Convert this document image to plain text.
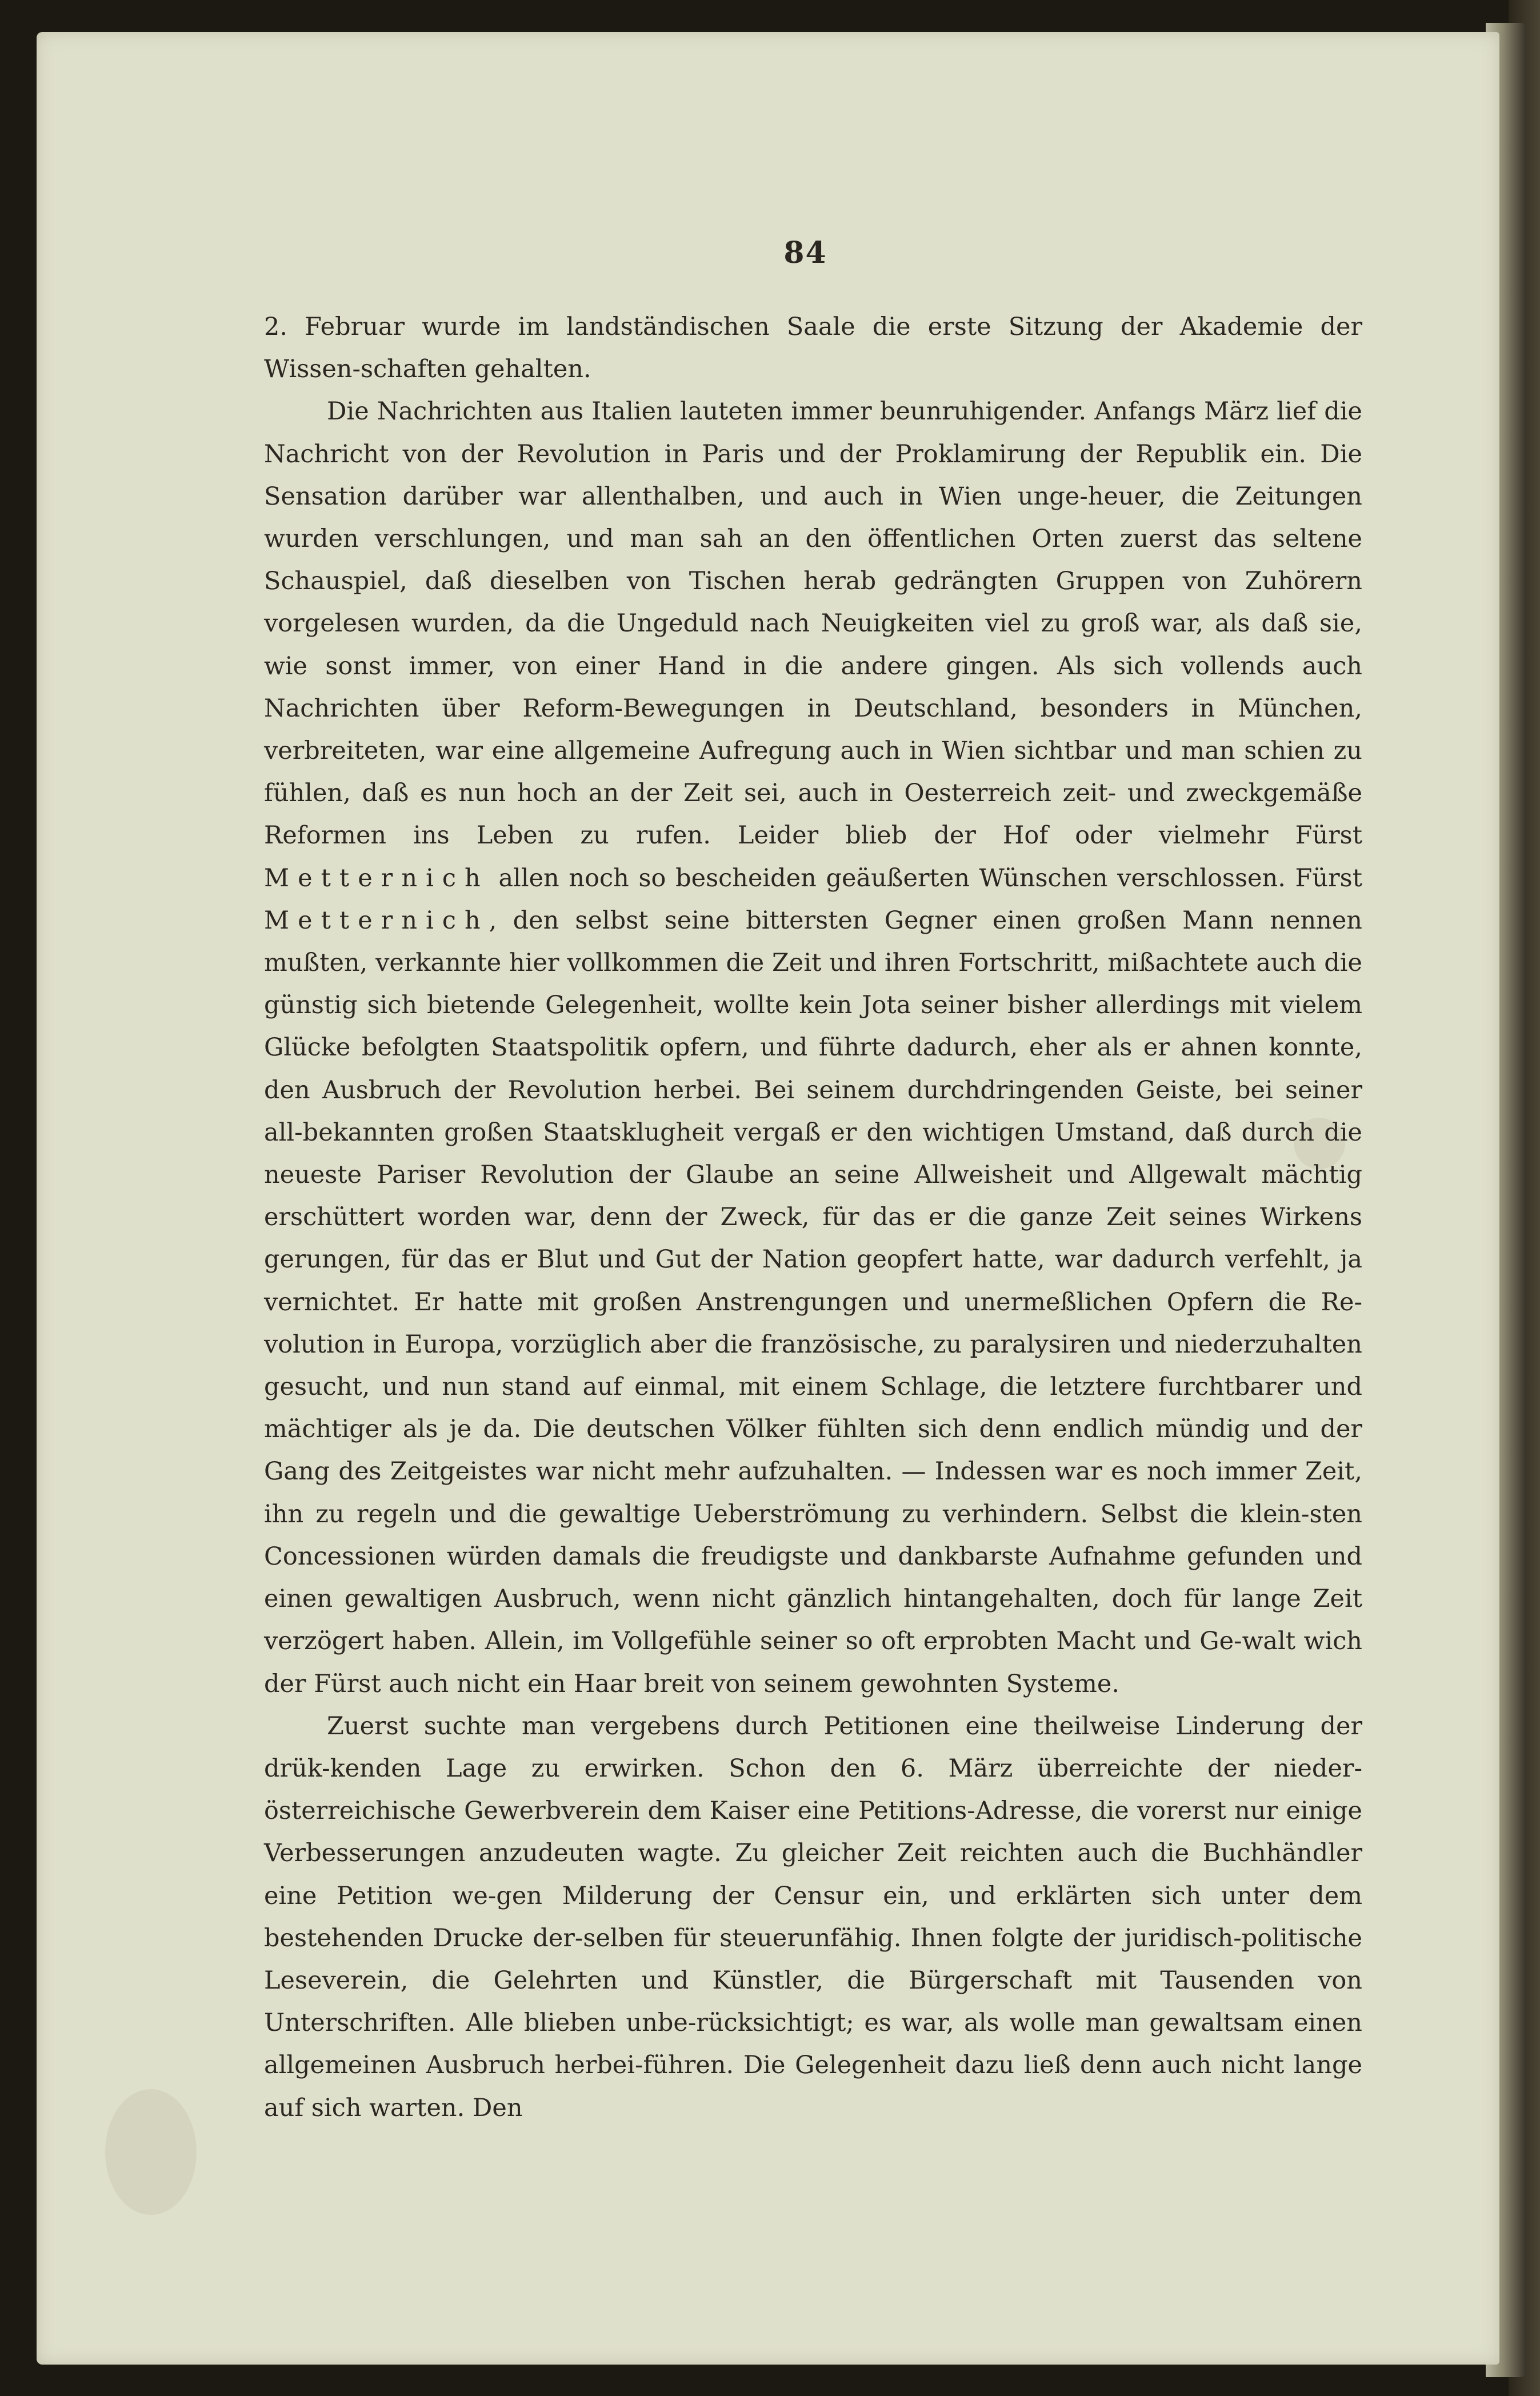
84

2. Februar wurde im landständischen Saale die erste Sitzung der Akademie der Wissen-schaften gehalten.

Die Nachrichten aus Italien lauteten immer beunruhigender. Anfangs März lief die Nachricht von der Revolution in Paris und der Proklamirung der Republik ein. Die Sensation darüber war allenthalben, und auch in Wien unge-heuer, die Zeitungen wurden verschlungen, und man sah an den öffentlichen Orten zuerst das seltene Schauspiel, daß dieselben von Tischen herab gedrängten Gruppen von Zuhörern vorgelesen wurden, da die Ungeduld nach Neuigkeiten viel zu groß war, als daß sie, wie sonst immer, von einer Hand in die andere gingen. Als sich vollends auch Nachrichten über Reform-Bewegungen in Deutschland, besonders in München, verbreiteten, war eine allgemeine Aufregung auch in Wien sichtbar und man schien zu fühlen, daß es nun hoch an der Zeit sei, auch in Oesterreich zeit- und zweckgemäße Reformen ins Leben zu rufen. Leider blieb der Hof oder vielmehr Fürst Metternich allen noch so bescheiden geäußerten Wünschen verschlossen. Fürst Metternich, den selbst seine bittersten Gegner einen großen Mann nennen mußten, verkannte hier vollkommen die Zeit und ihren Fortschritt, mißachtete auch die günstig sich bietende Gelegenheit, wollte kein Jota seiner bisher allerdings mit vielem Glücke befolgten Staatspolitik opfern, und führte dadurch, eher als er ahnen konnte, den Ausbruch der Revolution herbei. Bei seinem durchdringenden Geiste, bei seiner all-bekannten großen Staatsklugheit vergaß er den wichtigen Umstand, daß durch die neueste Pariser Revolution der Glaube an seine Allweisheit und Allgewalt mächtig erschüttert worden war, denn der Zweck, für das er die ganze Zeit seines Wirkens gerungen, für das er Blut und Gut der Nation geopfert hatte, war dadurch verfehlt, ja vernichtet. Er hatte mit großen Anstrengungen und unermeßlichen Opfern die Re-volution in Europa, vorzüglich aber die französische, zu paralysiren und niederzuhalten gesucht, und nun stand auf einmal, mit einem Schlage, die letztere furchtbarer und mächtiger als je da. Die deutschen Völker fühlten sich denn endlich mündig und der Gang des Zeitgeistes war nicht mehr aufzuhalten. — Indessen war es noch immer Zeit, ihn zu regeln und die gewaltige Ueberströmung zu verhindern. Selbst die klein-sten Concessionen würden damals die freudigste und dankbarste Aufnahme gefunden und einen gewaltigen Ausbruch, wenn nicht gänzlich hintangehalten, doch für lange Zeit verzögert haben. Allein, im Vollgefühle seiner so oft erprobten Macht und Ge-walt wich der Fürst auch nicht ein Haar breit von seinem gewohnten Systeme.

Zuerst suchte man vergebens durch Petitionen eine theilweise Linderung der drük-kenden Lage zu erwirken. Schon den 6. März überreichte der nieder-österreichische Gewerbverein dem Kaiser eine Petitions-Adresse, die vorerst nur einige Verbesserungen anzudeuten wagte. Zu gleicher Zeit reichten auch die Buchhändler eine Petition we-gen Milderung der Censur ein, und erklärten sich unter dem bestehenden Drucke der-selben für steuerunfähig. Ihnen folgte der juridisch-politische Leseverein, die Gelehrten und Künstler, die Bürgerschaft mit Tausenden von Unterschriften. Alle blieben unbe-rücksichtigt; es war, als wolle man gewaltsam einen allgemeinen Ausbruch herbei-führen. Die Gelegenheit dazu ließ denn auch nicht lange auf sich warten. Den
